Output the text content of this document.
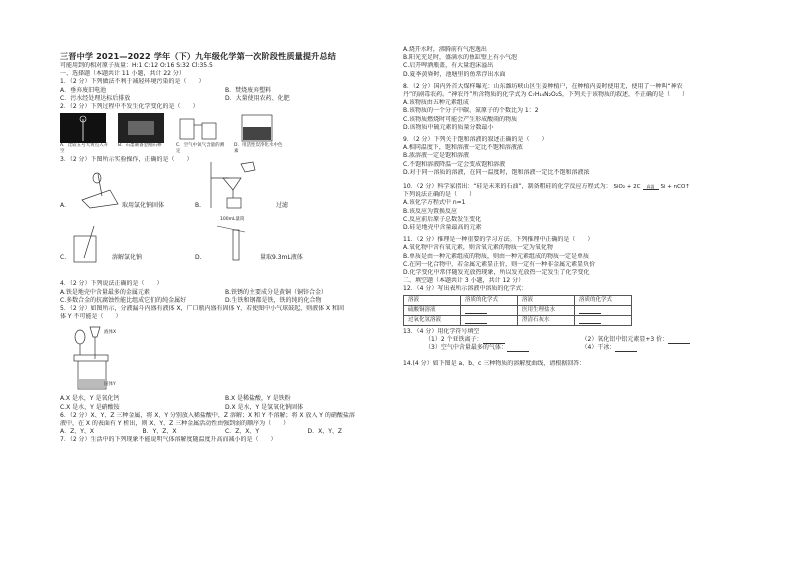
三晋中学 2021—2022 学年（下）九年级化学第一次阶段性质量提升总结
可能用到的相对原子质量：H:1 C:12 O:16 S:32 Cl:35.5
一、选择题（本题共计 11 小题，共计 22 分）
1．（2 分）下列做法不利于减轻环境污染的是（　　）
A．垂弃废旧电池	B．焚烧废弃塑料
C．污水经处理达标后排放	D．大量使用农药、化肥
2．（2 分）下列过程中不发生化学变化的是（　　）
A．比较五号大黄点入开空
B．石墨制备金刚石棒	C．空气中氧气含量的测定
D．用活性炭净化水中色素
3．（2 分）下图所示实验操作，正确的是（　　）
A.	取用氯化钠固体	B.	过滤
C.	溶解氯化钠	D.
100mL量筒
量取9.3mL液体
4．（2 分）下列说法正确的是（　　）
A.铁是地壳中含量最多的金属元素	B.铁锈的主要成分是黄铜（铜锌合金）
C.多数合金的抗腐蚀性能比组成它们的纯金属好	D.生铁和钢都是铁，铁的纯的化合物
5．（2 分）如图所示，分液漏斗内盛有液体 X，广口瓶内盛有固体 Y，若使图中小气球鼓起，则液体 X 和固
体 Y 不可能是（　　）
液体X
固体Y
A.X 是水，Y 是氧化钙	B.X 是稀盐酸，Y 是铁粉
C.X 是水，Y 是硝酸铵	D.X 是水，Y 是氢氧化钠固体
6．（2 分）X、Y、Z 三种金属，将 X、Y 分别放入稀盐酸中，Z 溶解；X 和 Y 不溶解；将 X 放入 Y 的硝酸盐溶
液中，在 X 的表面有 Y 析出，则 X、Y、Z 三种金属活动性由强到弱的顺序为（　　）
A．Z、Y、X	B．Y、Z、X	C．Z、X、Y	D．X、Y、Z
7．（2 分）生活中的下列现象不能说明气体溶解度随温度升高而减小的是（　　）
A.烧开水时，沸腾前有气泡逸出
B.阳光充足时，盛满水的鱼缸壁上有小气泡
C.启开啤酒瓶盖，有大量泡沫溢出
D.夏季黄昏时，池塘里的鱼常浮出水面
8．（2 分）国内外首大煤样曝光：山东潍坊峡山区生姜种植户，在种植内姜时使用无，使用了一种叫“神农
丹”的剧毒农药。“神农丹”所含物质的化学式为 C₇H₁₄N₂O₂S，下列关于该物质的叙述，不正确的是（　　）
A.该物质由五种元素组成
B.该物质的一个分子中碳、氮原子的个数比为 1：2
C.该物质燃烧时可能会产生形成酸雨的物质
D.该物质中硫元素的质量分数最小
9．（2 分）下列关于饱和溶液的叙述正确的是（　　）
A.相同温度下，饱和溶液一定比不饱和溶液浓
B.浓溶液一定是饱和溶液
C.不饱和溶液降温一定会变成饱和溶液
D.对于同一溶质的溶液，在同一温度时，饱和溶液一定比不饱和溶液浓
10．（2 分）科学家指出：“硅是未来的石油”，制备粗硅的化学反应方程式为： SiO₂ + 2C 高温 Si + nCO↑
下列说法正确的是（　　）
A.该化学方程式中 n=1
B.该反应为置换反应
C.反应前后原子总数发生变化
D.硅是地壳中含量最高的元素
11．（2 分）推理是一种重要的学习方法。下列推理中正确的是（　　）
A.氧化物中含有氧元素，则含氧元素的物质一定为氧化物
B.单质是由一种元素组成的物质，则由一种元素组成的物质一定是单质
C.在同一化合物中，若金属元素显正价，则一定有一种非金属元素显负价
D.化学变化中常伴随发光放热现象，所以发光放热一定发生了化学变化
二、填空题（本题共计 3 小题，共计 12 分）
12．（4 分）写出表所示溶液中溶质的化学式：
溶液	溶质的化学式	溶液	溶质的化学式
硫酸铜溶液		医用生理盐水	
过氧化氢溶液		澄清石灰水	
13．（4 分）用化学符号填空
（1）2 个亚铁离子：	（2）氧化铝中铝元素显+3 价：
（3）空气中含量最多的气体：	（4）干冰：
14.(4 分）如下图是 a、b、c 三种物质的溶解度曲线，请根据回答：
